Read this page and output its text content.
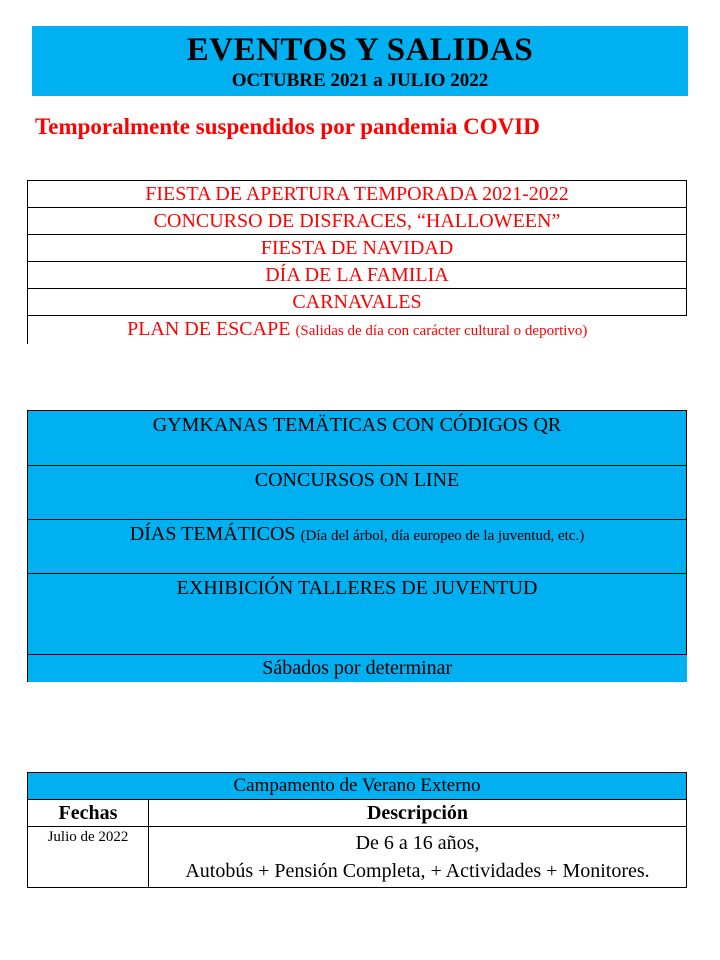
EVENTOS Y SALIDAS
OCTUBRE 2021 a JULIO 2022
Temporalmente suspendidos por pandemia COVID
FIESTA DE APERTURA TEMPORADA 2021-2022
CONCURSO DE DISFRACES, “HALLOWEEN”
FIESTA DE NAVIDAD
DÍA DE LA FAMILIA
CARNAVALES
PLAN DE ESCAPE (Salidas de día con carácter cultural o deportivo)
GYMKANAS TEMÄTICAS CON CÓDIGOS QR
CONCURSOS ON LINE
DÍAS TEMÁTICOS (Día del árbol, día europeo de la juventud, etc.)
EXHIBICIÓN TALLERES DE JUVENTUD
Sábados por determinar
Campamento de Verano Externo	
Fechas	Descripción
Julio de 2022	De 6 a 16 años,
Autobús + Pensión Completa, + Actividades + Monitores.
